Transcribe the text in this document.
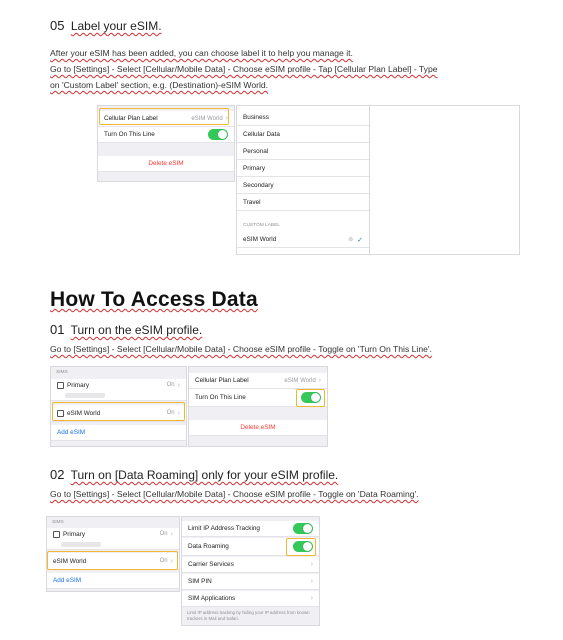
05 Label your eSIM.
After your eSIM has been added, you can choose label it to help you manage it.
Go to [Settings] - Select [Cellular/Mobile Data] - Choose eSIM profile - Tap [Cellular Plan Label] - Type
on 'Custom Label' section, e.g. (Destination)-eSIM World.
Cellular Plan Label	eSIM World ›
Turn On This Line
Delete eSIM
Business
Cellular Data
Personal
Primary
Secondary
Travel
CUSTOM LABEL
eSIM World	⊗ ✓
How To Access Data
01 Turn on the eSIM profile.
Go to [Settings] - Select [Cellular/Mobile Data] - Choose eSIM profile - Toggle on 'Turn On This Line'.
SIMS
Primary	On ›
eSIM World	On ›
Add eSIM
Cellular Plan Label	eSIM World ›
Turn On This Line
Delete eSIM
02 Turn on [Data Roaming] only for your eSIM profile.
Go to [Settings] - Select [Cellular/Mobile Data] - Choose eSIM profile - Toggle on 'Data Roaming'.
SIMS
Primary	On ›
eSIM World	On ›
Add eSIM
Limit IP Address Tracking
Data Roaming
Carrier Services	›
SIM PIN	›
SIM Applications	›
Limit IP address tracking by hiding your IP address from known trackers in Mail and Safari.
